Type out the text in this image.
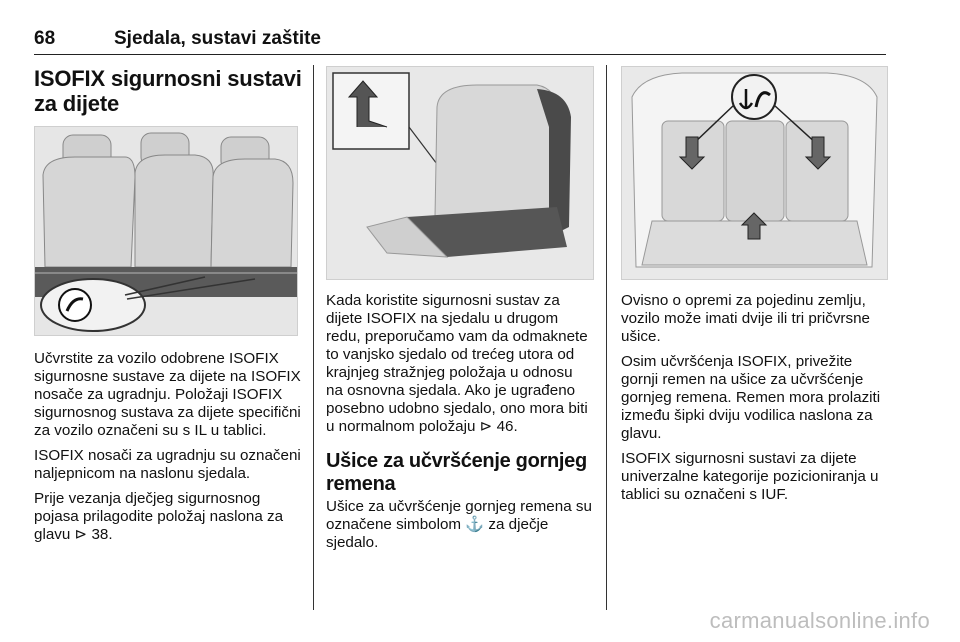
68	Sjedala, sustavi zaštite
ISOFIX sigurnosni sustavi za dijete

Učvrstite za vozilo odobrene ISOFIX sigurnosne sustave za dijete na ISOFIX nosače za ugradnju. Položaji ISOFIX sigurnosnog sustava za dijete specifični za vozilo označeni su s IL u tablici.

ISOFIX nosači za ugradnju su označeni naljepnicom na naslonu sjedala.

Prije vezanja dječjeg sigurnosnog pojasa prilagodite položaj naslona za glavu ⊳ 38.

Kada koristite sigurnosni sustav za dijete ISOFIX na sjedalu u drugom redu, preporučamo vam da odmaknete to vanjsko sjedalo od trećeg utora od krajnjeg stražnjeg položaja u odnosu na osnovna sjedala. Ako je ugrađeno posebno udobno sjedalo, ono mora biti u normalnom položaju ⊳ 46.

Ušice za učvršćenje gornjeg remena

Ušice za učvršćenje gornjeg remena su označene simbolom ⚓ za dječje sjedalo.

Ovisno o opremi za pojedinu zemlju, vozilo može imati dvije ili tri pričvrsne ušice.

Osim učvršćenja ISOFIX, privežite gornji remen na ušice za učvršćenje gornjeg remena. Remen mora prolaziti između šipki dviju vodilica naslona za glavu.

ISOFIX sigurnosni sustavi za dijete univerzalne kategorije pozicioniranja u tablici su označeni s IUF.

carmanualsonline.info
